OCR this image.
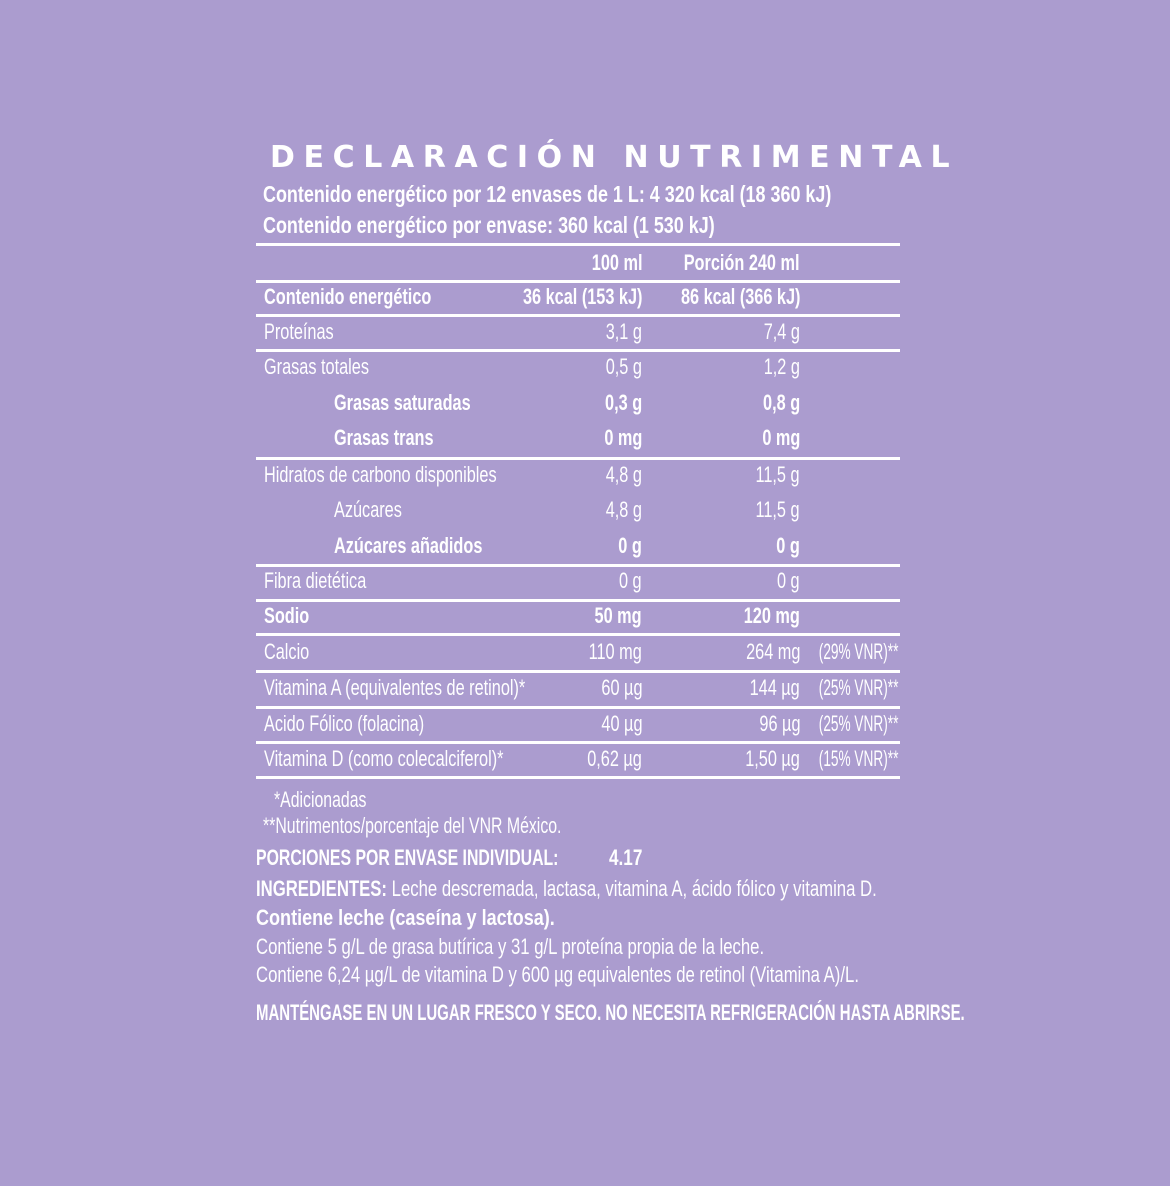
DECLARACIÓN NUTRIMENTAL
Contenido energético por 12 envases de 1 L: 4 320 kcal (18 360 kJ)
Contenido energético por envase: 360 kcal (1 530 kJ)
100 ml Porción 240 ml
Contenido energético	36 kcal (153 kJ) 86 kcal (366 kJ)
Proteínas	3,1 g	7,4 g
Grasas totales	0,5 g	1,2 g
Grasas saturadas	0,3 g	0,8 g
Grasas trans	0 mg	0 mg
Hidratos de carbono disponibles	4,8 g	11,5 g
Azúcares	4,8 g	11,5 g
Azúcares añadidos	0 g	0 g
Fibra dietética	0 g	0 g
Sodio	50 mg	120 mg
Calcio	110 mg	264 mg (29% VNR)**
Vitamina A (equivalentes de retinol)*	60 µg	144 µg (25% VNR)**
Acido Fólico (folacina)	40 µg	96 µg (25% VNR)**
Vitamina D (como colecalciferol)*	0,62 µg	1,50 µg (15% VNR)**
*Adicionadas
**Nutrimentos/porcentaje del VNR México.
PORCIONES POR ENVASE INDIVIDUAL:	4.17
INGREDIENTES: Leche descremada, lactasa, vitamina A, ácido fólico y vitamina D.
Contiene leche (caseína y lactosa).
Contiene 5 g/L de grasa butírica y 31 g/L proteína propia de la leche.
Contiene 6,24 µg/L de vitamina D y 600 µg equivalentes de retinol (Vitamina A)/L.
MANTÉNGASE EN UN LUGAR FRESCO Y SECO. NO NECESITA REFRIGERACIÓN HASTA ABRIRSE.
